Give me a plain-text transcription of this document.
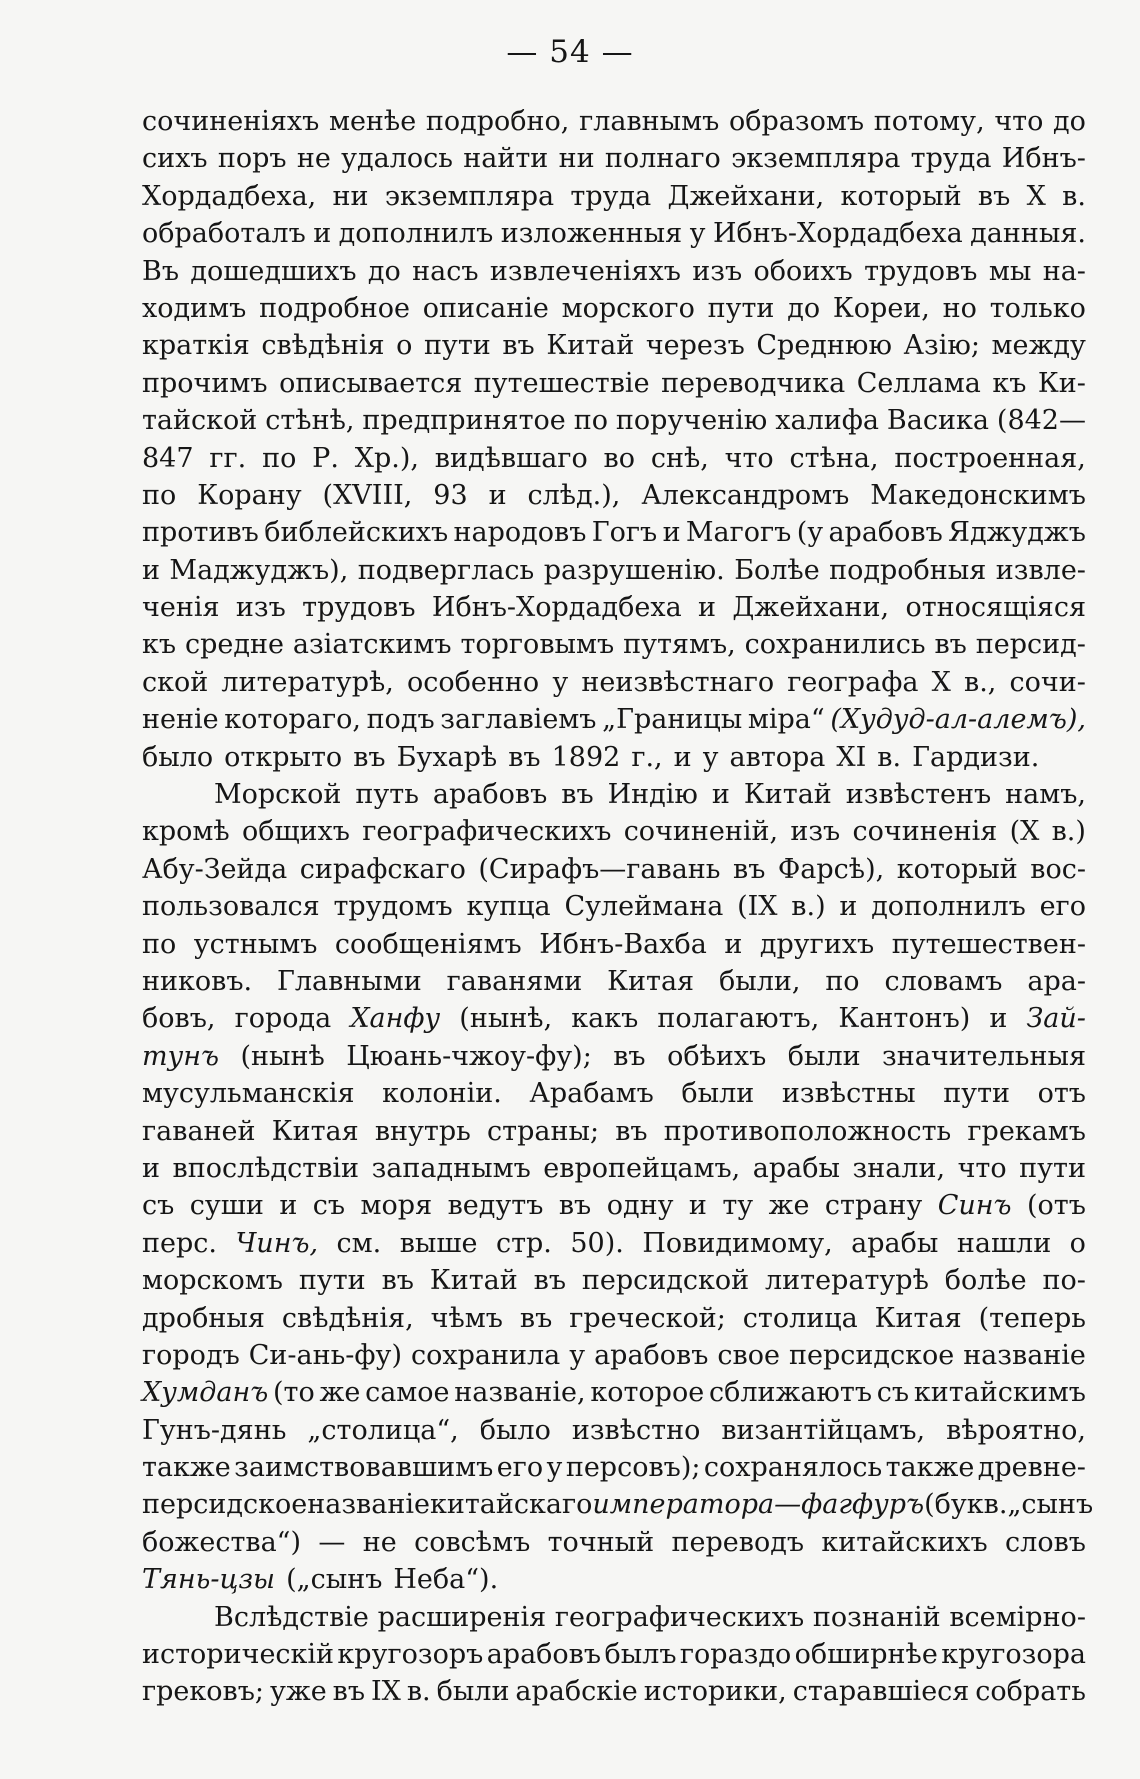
— 54 —
сочиненіяхъ менѣе подробно, главнымъ образомъ потому, что до
сихъ поръ не удалось найти ни полнаго экземпляра труда Ибнъ-
Хордадбеха, ни экземпляра труда Джейхани, который въ X в.
обработалъ и дополнилъ изложенныя у Ибнъ-Хордадбеха данныя.
Въ дошедшихъ до насъ извлеченіяхъ изъ обоихъ трудовъ мы на-
ходимъ подробное описаніе морского пути до Кореи, но только
краткія свѣдѣнія о пути въ Китай черезъ Среднюю Азію; между
прочимъ описывается путешествіе переводчика Селлама къ Ки-
тайской стѣнѣ, предпринятое по порученію халифа Васика (842—
847 гг. по Р. Хр.), видѣвшаго во снѣ, что стѣна, построенная,
по Корану (XVIII, 93 и слѣд.), Александромъ Македонскимъ
противъ библейскихъ народовъ Гогъ и Магогъ (у арабовъ Яджуджъ
и Маджуджъ), подверглась разрушенію. Болѣе подробныя извле-
ченія изъ трудовъ Ибнъ-Хордадбеха и Джейхани, относящіяся
къ средне азіатскимъ торговымъ путямъ, сохранились въ персид-
ской литературѣ, особенно у неизвѣстнаго географа X в., сочи-
неніе котораго, подъ заглавіемъ „Границы міра“ (Худуд-ал-алемъ),
было открыто въ Бухарѣ въ 1892 г., и у автора XI в. Гардизи.
Морской путь арабовъ въ Индію и Китай извѣстенъ намъ,
кромѣ общихъ географическихъ сочиненій, изъ сочиненія (X в.)
Абу-Зейда сирафскаго (Сирафъ—гавань въ Фарсѣ), который вос-
пользовался трудомъ купца Сулеймана (IX в.) и дополнилъ его
по устнымъ сообщеніямъ Ибнъ-Вахба и другихъ путешествен-
никовъ. Главными гаванями Китая были, по словамъ ара-
бовъ, города Ханфу (нынѣ, какъ полагаютъ, Кантонъ) и Зай-
тунъ (нынѣ Цюань-чжоу-фу); въ обѣихъ были значительныя
мусульманскія колоніи. Арабамъ были извѣстны пути отъ
гаваней Китая внутрь страны; въ противоположность грекамъ
и впослѣдствіи западнымъ европейцамъ, арабы знали, что пути
съ суши и съ моря ведутъ въ одну и ту же страну Синъ (отъ
перс. Чинъ, см. выше стр. 50). Повидимому, арабы нашли о
морскомъ пути въ Китай въ персидской литературѣ болѣе по-
дробныя свѣдѣнія, чѣмъ въ греческой; столица Китая (теперь
городъ Си-ань-фу) сохранила у арабовъ свое персидское названіе
Хумданъ (то же самое названіе, которое сближаютъ съ китайскимъ
Гунъ-дянь „столица“, было извѣстно византійцамъ, вѣроятно,
также заимствовавшимъ его у персовъ); сохранялось также древне-
персидское названіе китайскаго императора—фагфуръ (букв. „сынъ
божества“) — не совсѣмъ точный переводъ китайскихъ словъ
Тянь-цзы („сынъ Неба“).
Вслѣдствіе расширенія географическихъ познаній всемірно-
историческій кругозоръ арабовъ былъ гораздо обширнѣе кругозора
грековъ; уже въ IX в. были арабскіе историки, старавшіеся собрать
